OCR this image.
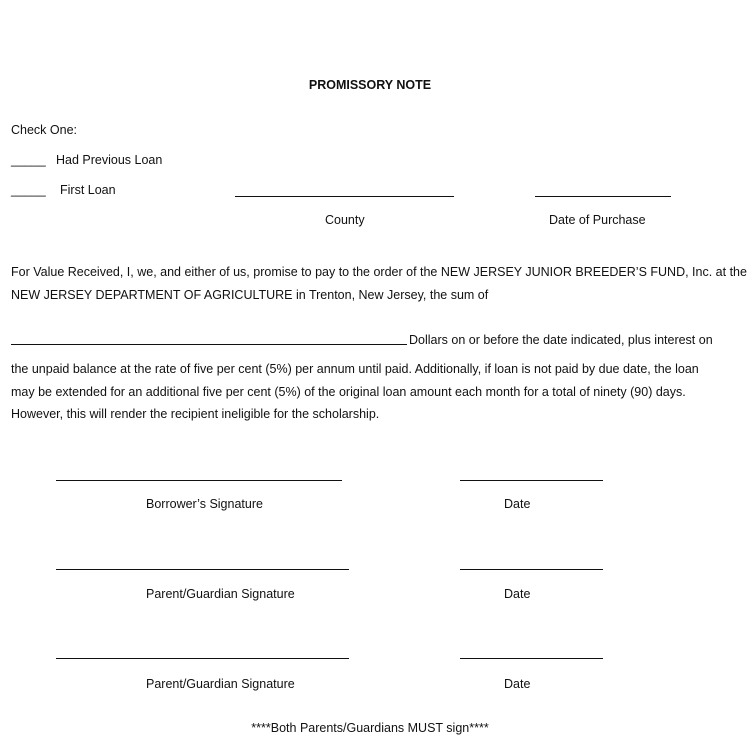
PROMISSORY NOTE
Check One:
_____ Had Previous Loan
_____ First Loan
County	Date of Purchase
For Value Received, I, we, and either of us, promise to pay to the order of the NEW JERSEY JUNIOR BREEDER’S FUND, Inc. at the
NEW JERSEY DEPARTMENT OF AGRICULTURE in Trenton, New Jersey, the sum of
Dollars on or before the date indicated, plus interest on
the unpaid balance at the rate of five per cent (5%) per annum until paid. Additionally, if loan is not paid by due date, the loan
may be extended for an additional five per cent (5%) of the original loan amount each month for a total of ninety (90) days.
However, this will render the recipient ineligible for the scholarship.
Borrower’s Signature	Date
Parent/Guardian Signature	Date
Parent/Guardian Signature	Date
****Both Parents/Guardians MUST sign****
